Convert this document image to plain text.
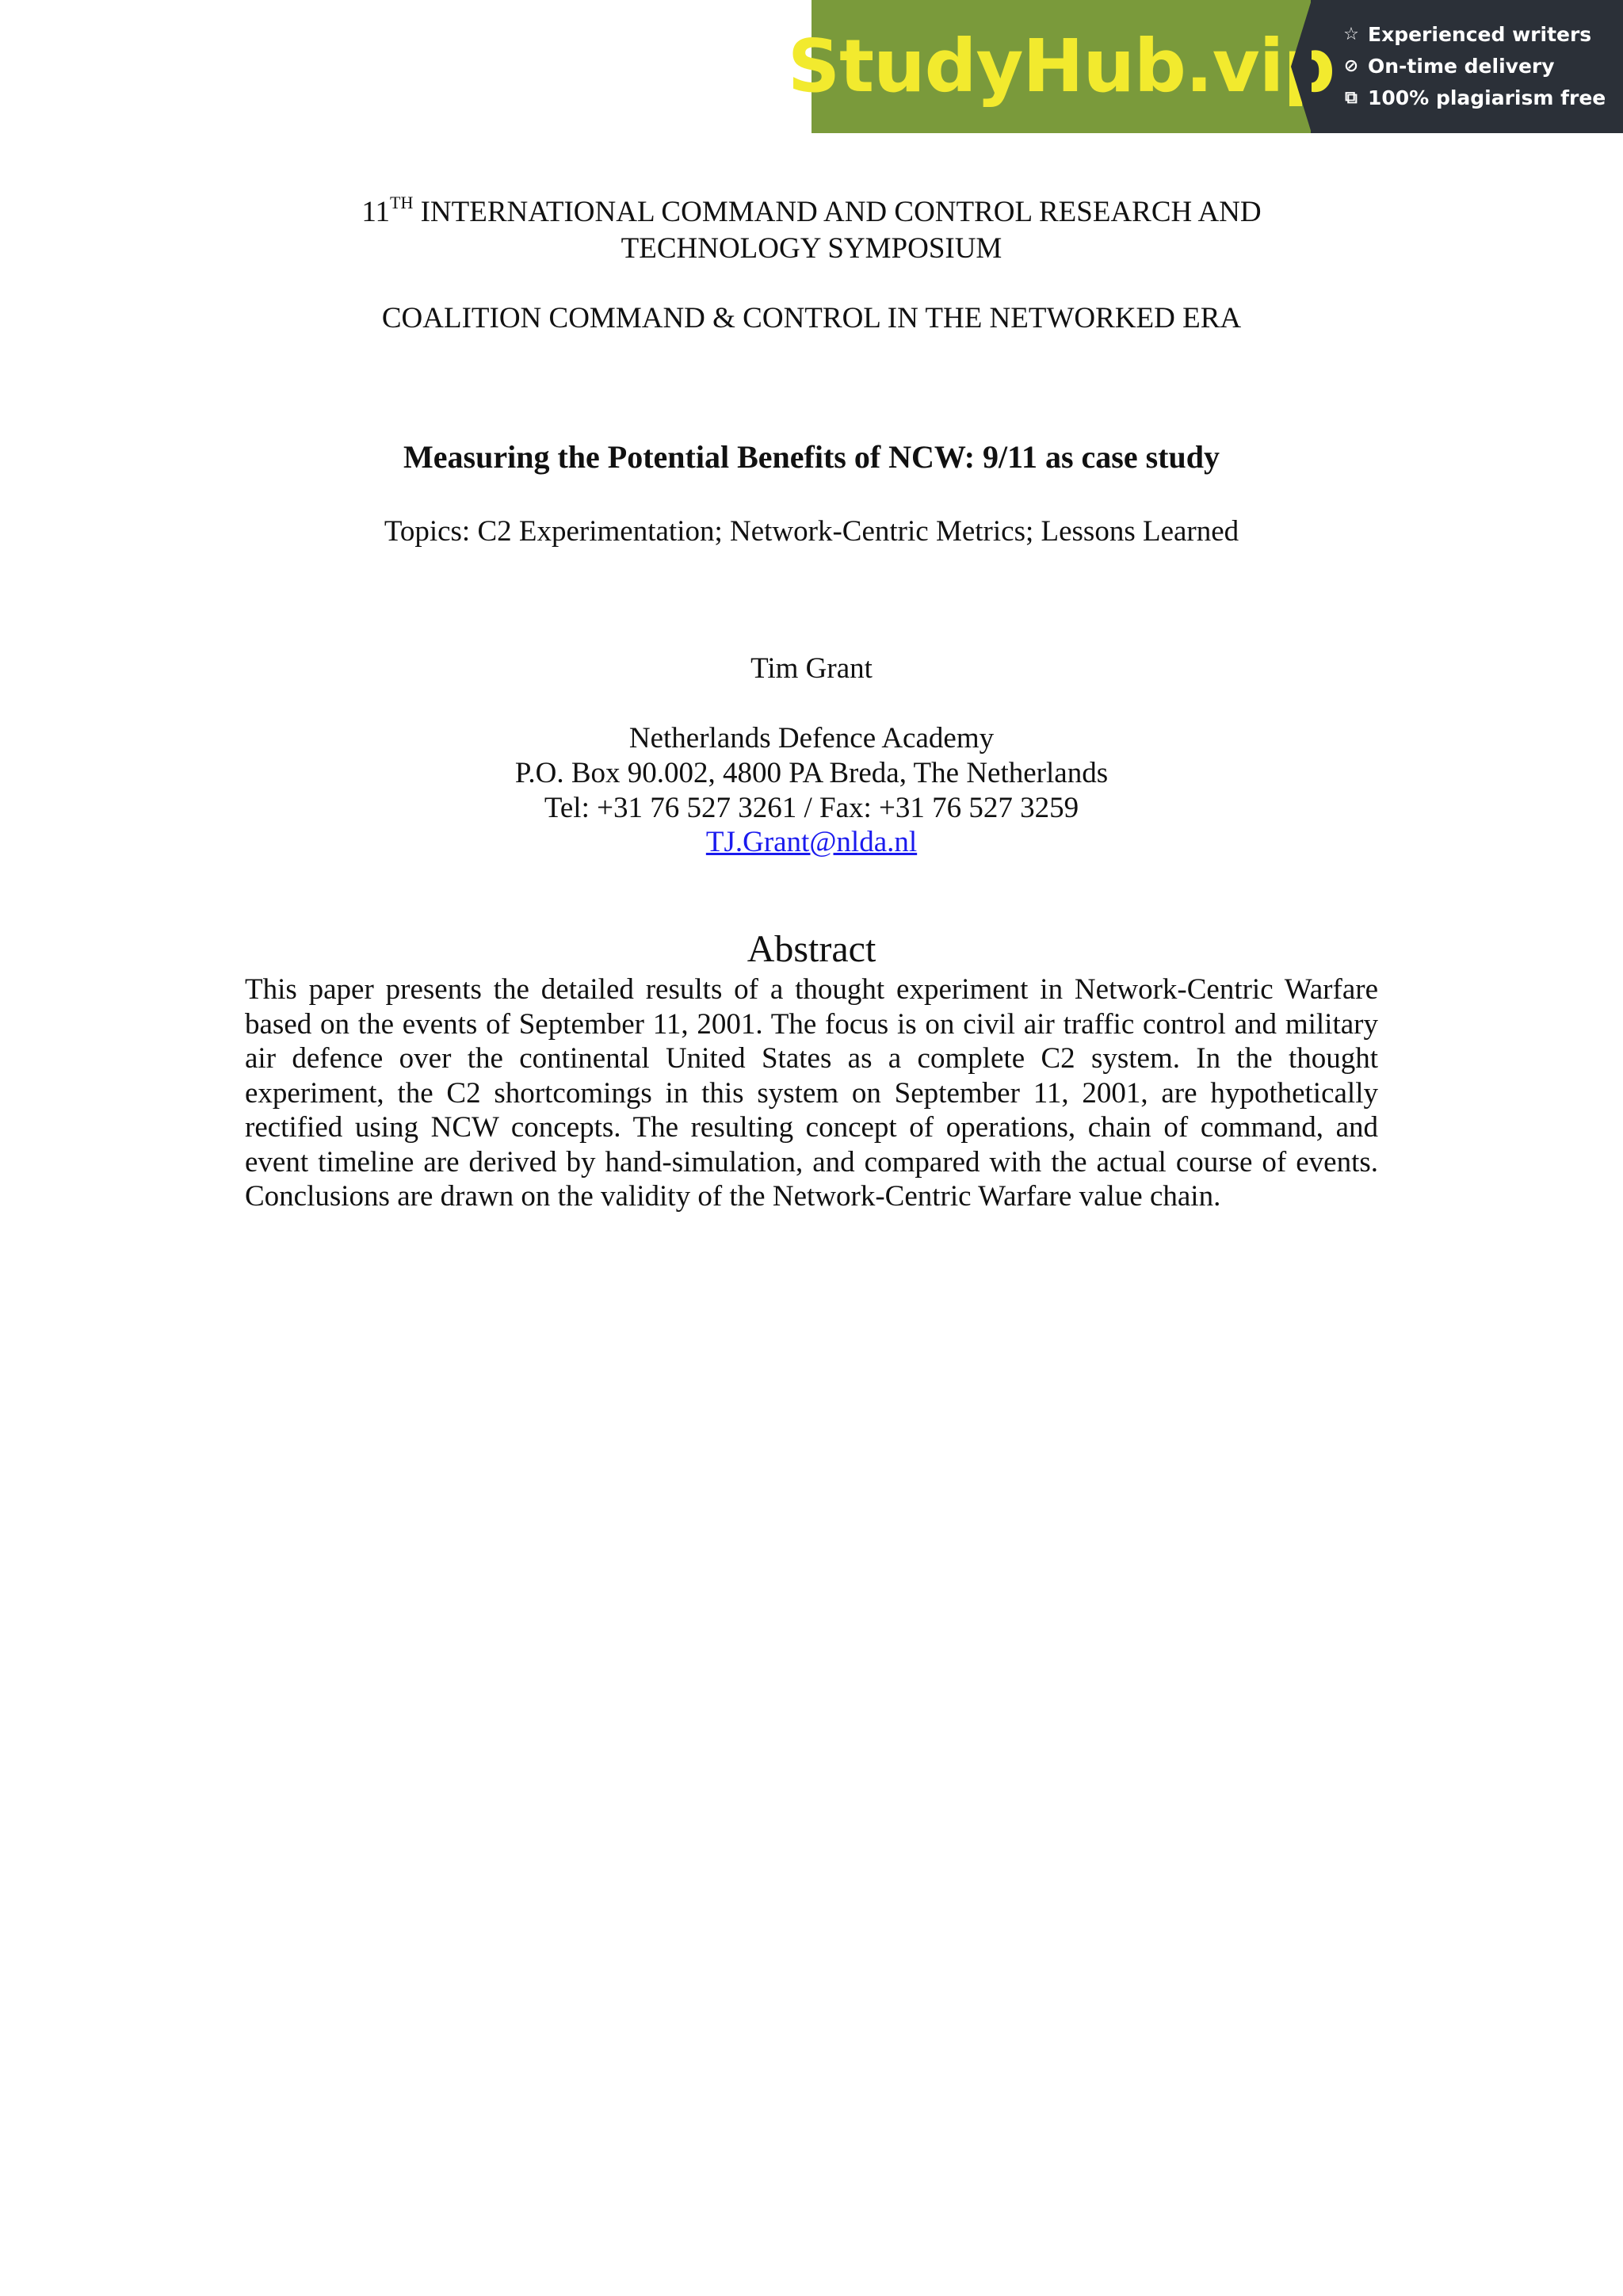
StudyHub.vip ☆ Experienced writers
⊘ On-time delivery
⧉ 100% plagiarism free
11TH INTERNATIONAL COMMAND AND CONTROL RESEARCH AND
TECHNOLOGY SYMPOSIUM
COALITION COMMAND & CONTROL IN THE NETWORKED ERA
Measuring the Potential Benefits of NCW: 9/11 as case study
Topics: C2 Experimentation; Network-Centric Metrics; Lessons Learned
Tim Grant
Netherlands Defence Academy
P.O. Box 90.002, 4800 PA Breda, The Netherlands
Tel: +31 76 527 3261 / Fax: +31 76 527 3259
TJ.Grant@nlda.nl
Abstract
This paper presents the detailed results of a thought experiment in Network-Centric Warfare based on the events of September 11, 2001. The focus is on civil air traffic control and military air defence over the continental United States as a complete C2 system. In the thought experiment, the C2 shortcomings in this system on September 11, 2001, are hypothetically rectified using NCW concepts. The resulting concept of operations, chain of command, and event timeline are derived by hand-simulation, and compared with the actual course of events. Conclusions are drawn on the validity of the Network-Centric Warfare value chain.
